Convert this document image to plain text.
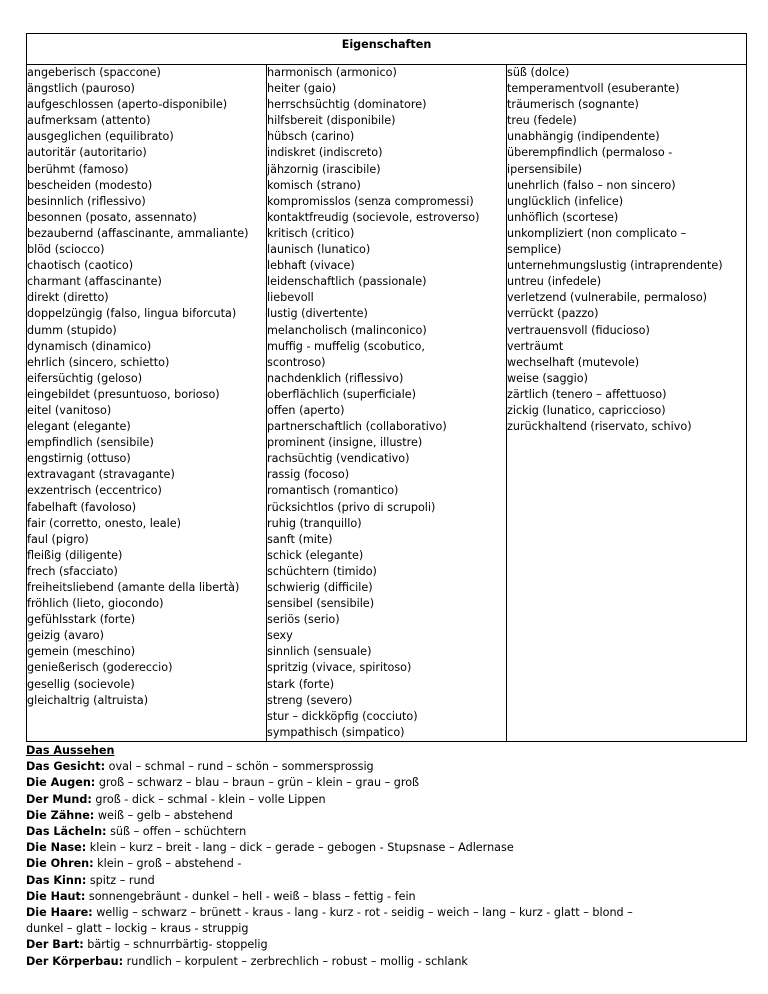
Eigenschaften

angeberisch (spaccone)
ängstlich (pauroso)
aufgeschlossen (aperto-disponibile)
aufmerksam (attento)
ausgeglichen (equilibrato)
autoritär (autoritario)
berühmt (famoso)
bescheiden (modesto)
besinnlich (riflessivo)
besonnen (posato, assennato)
bezaubernd (affascinante, ammaliante)
blöd (sciocco)
chaotisch (caotico)
charmant (affascinante)
direkt (diretto)
doppelzüngig (falso, lingua biforcuta)
dumm (stupido)
dynamisch (dinamico)
ehrlich (sincero, schietto)
eifersüchtig (geloso)
eingebildet (presuntuoso, borioso)
eitel (vanitoso)
elegant (elegante)
empfindlich (sensibile)
engstirnig (ottuso)
extravagant (stravagante)
exzentrisch (eccentrico)
fabelhaft (favoloso)
fair (corretto, onesto, leale)
faul (pigro)
fleißig (diligente)
frech (sfacciato)
freiheitsliebend (amante della libertà)
fröhlich (lieto, giocondo)
gefühlsstark (forte)
geizig (avaro)
gemein (meschino)
genießerisch (godereccio)
gesellig (socievole)
gleichaltrig (altruista)

harmonisch (armonico)
heiter (gaio)
herrschsüchtig (dominatore)
hilfsbereit (disponibile)
hübsch (carino)
indiskret (indiscreto)
jähzornig (irascibile)
komisch (strano)
kompromisslos (senza compromessi)
kontaktfreudig (socievole, estroverso)
kritisch (critico)
launisch (lunatico)
lebhaft (vivace)
leidenschaftlich (passionale)
liebevoll
lustig (divertente)
melancholisch (malinconico)
muffig - muffelig (scobutico,
scontroso)
nachdenklich (riflessivo)
oberflächlich (superficiale)
offen (aperto)
partnerschaftlich (collaborativo)
prominent (insigne, illustre)
rachsüchtig (vendicativo)
rassig (focoso)
romantisch (romantico)
rücksichtlos (privo di scrupoli)
ruhig (tranquillo)
sanft (mite)
schick (elegante)
schüchtern (timido)
schwierig (difficile)
sensibel (sensibile)
seriös (serio)
sexy
sinnlich (sensuale)
spritzig (vivace, spiritoso)
stark (forte)
streng (severo)
stur – dickköpfig (cocciuto)
sympathisch (simpatico)

süß (dolce)
temperamentvoll (esuberante)
träumerisch (sognante)
treu (fedele)
unabhängig (indipendente)
überempfindlich (permaloso -
ipersensibile)
unehrlich (falso – non sincero)
unglücklich (infelice)
unhöflich (scortese)
unkompliziert (non complicato –
semplice)
unternehmungslustig (intraprendente)
untreu (infedele)
verletzend (vulnerabile, permaloso)
verrückt (pazzo)
vertrauensvoll (fiducioso)
verträumt
wechselhaft (mutevole)
weise (saggio)
zärtlich (tenero – affettuoso)
zickig (lunatico, capriccioso)
zurückhaltend (riservato, schivo)
Das Aussehen
Das Gesicht: oval – schmal – rund – schön – sommersprossig
Die Augen: groß – schwarz – blau – braun – grün – klein – grau – groß
Der Mund: groß - dick – schmal - klein – volle Lippen
Die Zähne: weiß – gelb – abstehend
Das Lächeln: süß – offen – schüchtern
Die Nase: klein – kurz – breit - lang – dick – gerade – gebogen - Stupsnase – Adlernase
Die Ohren: klein – groß – abstehend -
Das Kinn: spitz – rund
Die Haut: sonnengebräunt - dunkel – hell - weiß – blass – fettig - fein
Die Haare: wellig – schwarz – brünett - kraus - lang - kurz - rot - seidig – weich – lang – kurz - glatt – blond –
dunkel – glatt – lockig – kraus - struppig
Der Bart: bärtig – schnurrbärtig- stoppelig
Der Körperbau: rundlich – korpulent – zerbrechlich – robust – mollig - schlank
